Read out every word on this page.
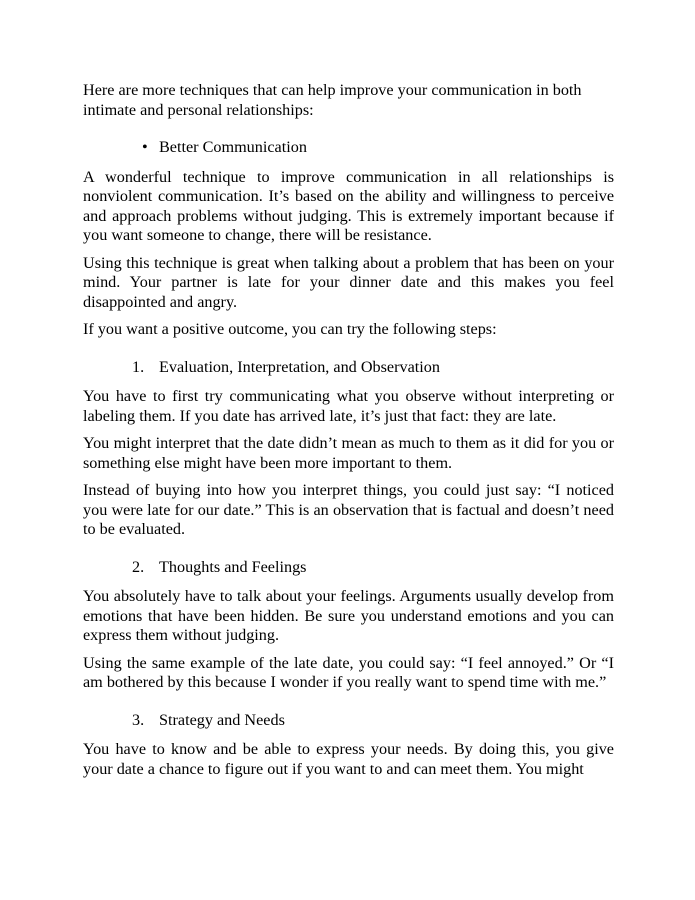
Here are more techniques that can help improve your communication in both intimate and personal relationships:

• Better Communication

A wonderful technique to improve communication in all relationships is nonviolent communication. It’s based on the ability and willingness to perceive and approach problems without judging. This is extremely important because if you want someone to change, there will be resistance.

Using this technique is great when talking about a problem that has been on your mind. Your partner is late for your dinner date and this makes you feel disappointed and angry.

If you want a positive outcome, you can try the following steps:

1. Evaluation, Interpretation, and Observation

You have to first try communicating what you observe without interpreting or labeling them. If you date has arrived late, it’s just that fact: they are late.

You might interpret that the date didn’t mean as much to them as it did for you or something else might have been more important to them.

Instead of buying into how you interpret things, you could just say: “I noticed you were late for our date.” This is an observation that is factual and doesn’t need to be evaluated.

2. Thoughts and Feelings

You absolutely have to talk about your feelings. Arguments usually develop from emotions that have been hidden. Be sure you understand emotions and you can express them without judging.

Using the same example of the late date, you could say: “I feel annoyed.” Or “I am bothered by this because I wonder if you really want to spend time with me.”

3. Strategy and Needs

You have to know and be able to express your needs. By doing this, you give your date a chance to figure out if you want to and can meet them. You might
